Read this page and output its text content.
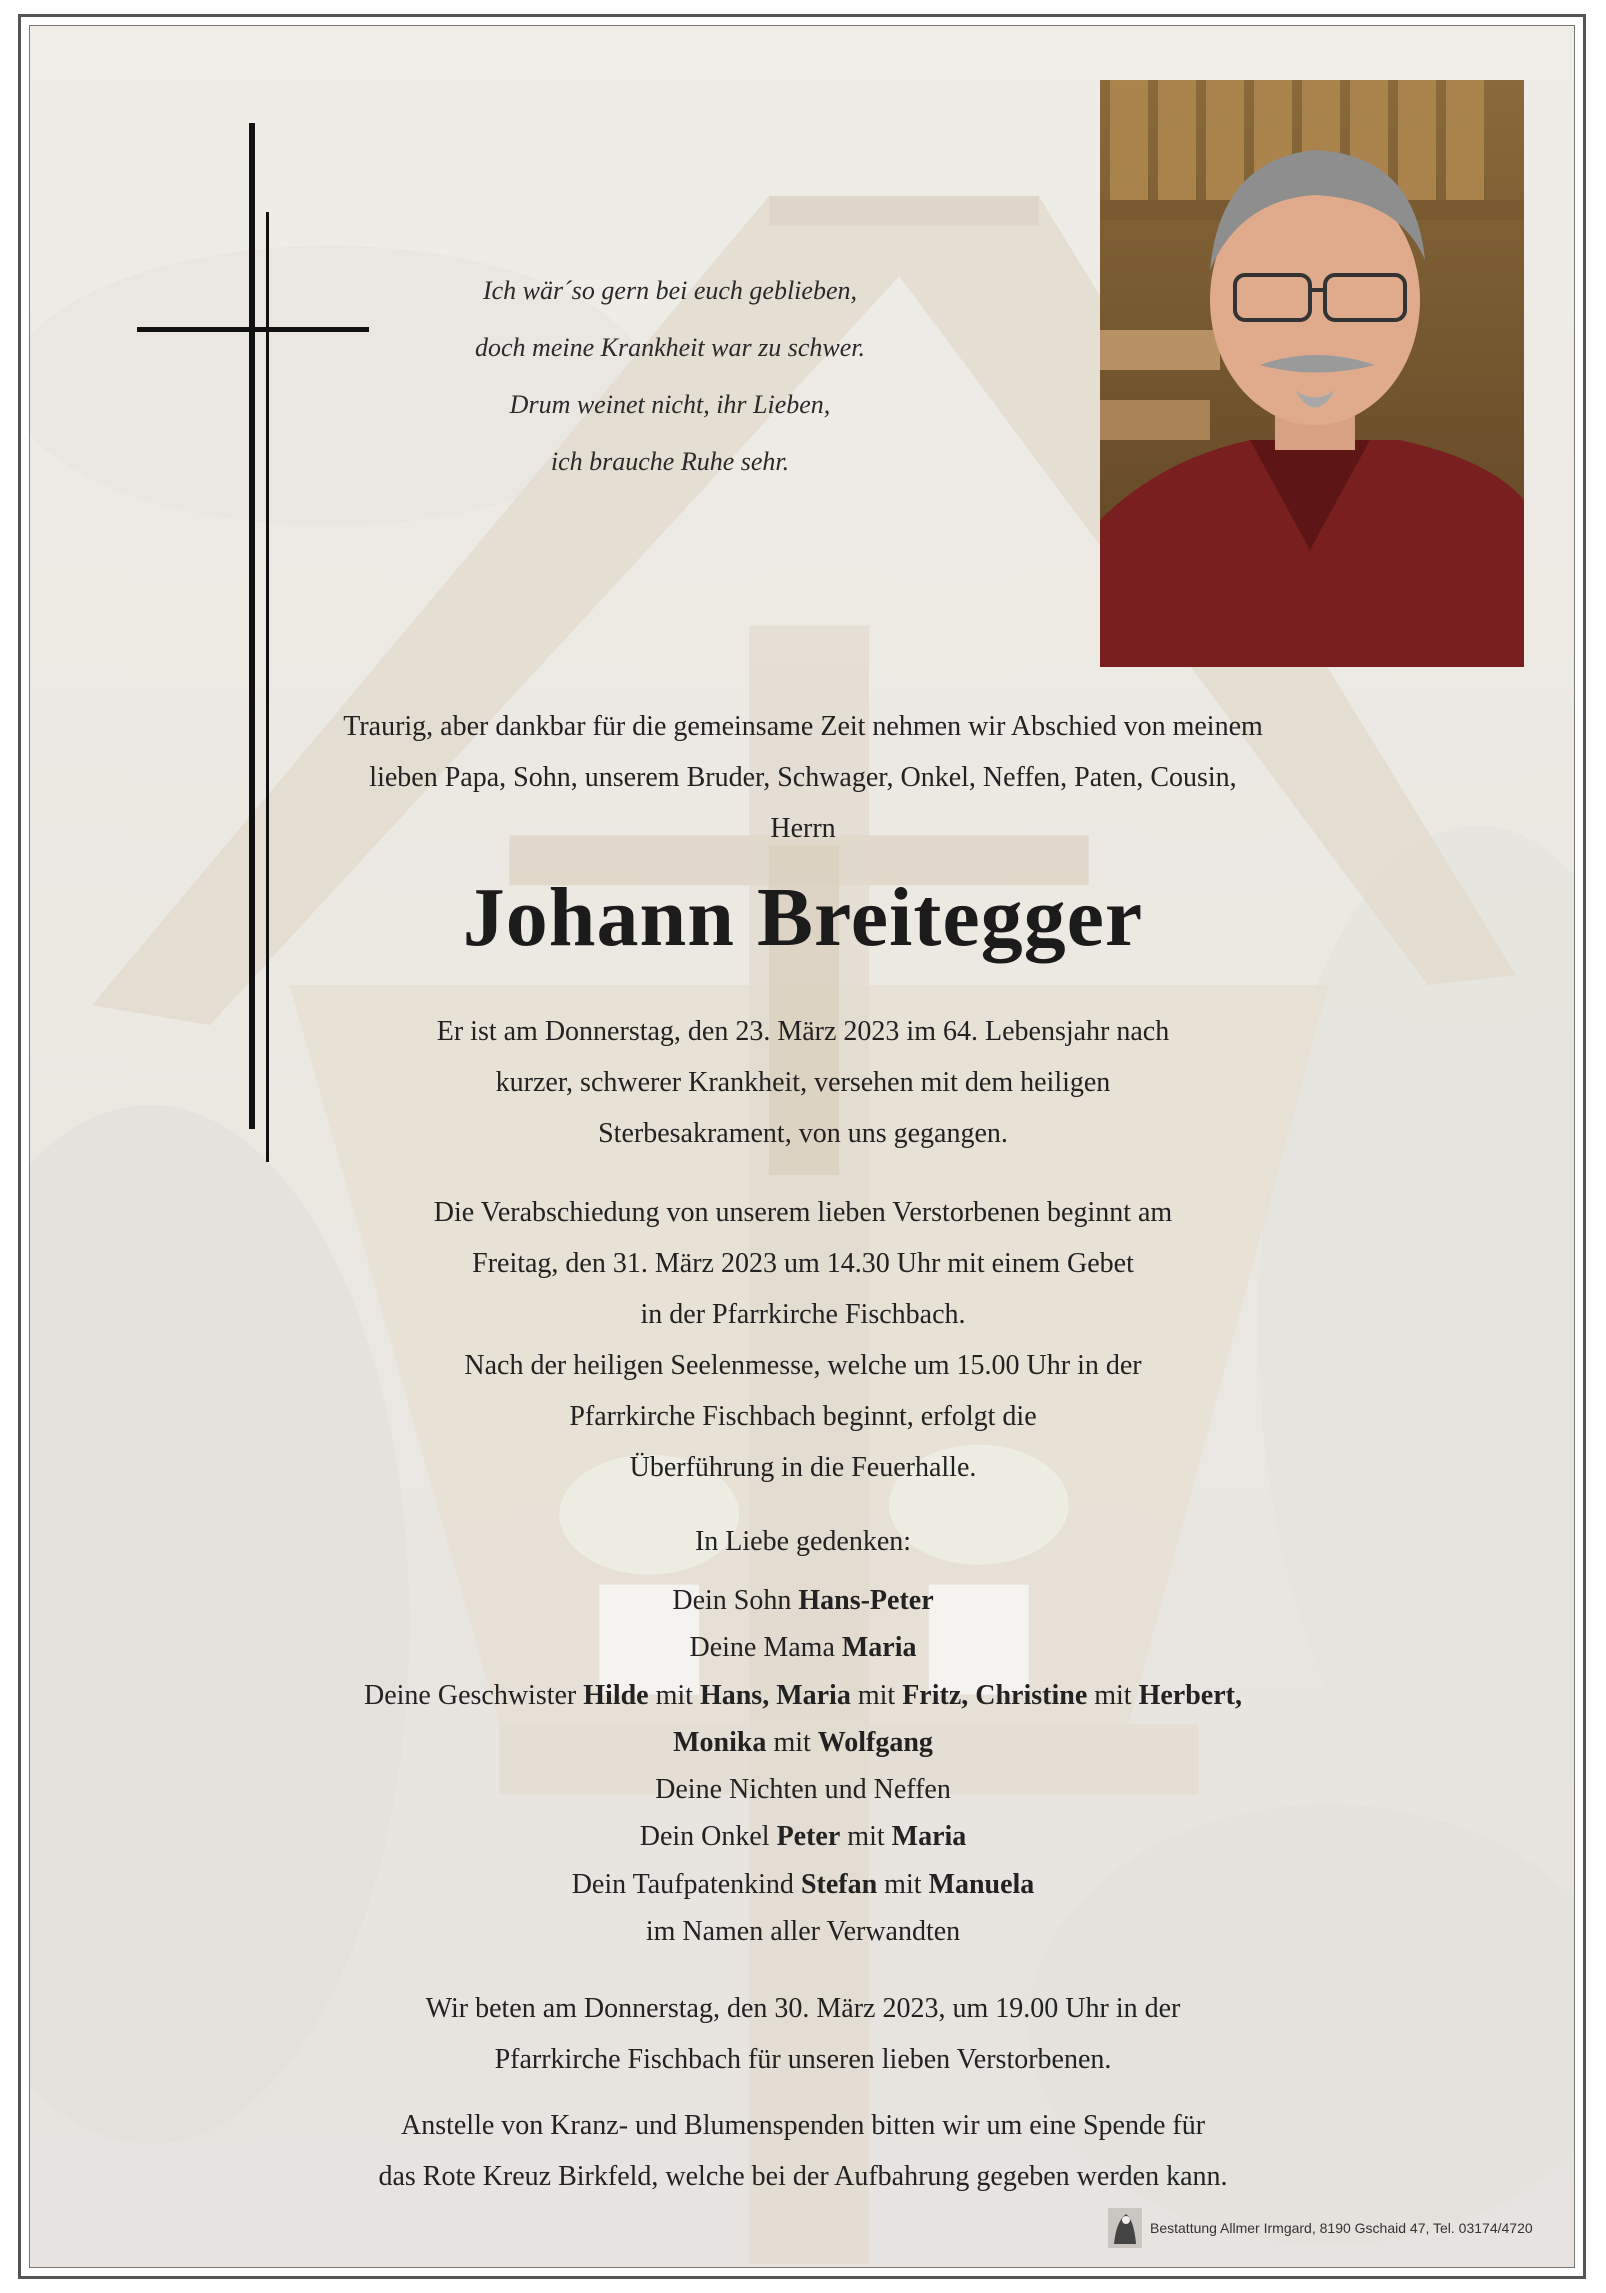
Ich wär´so gern bei euch geblieben,
doch meine Krankheit war zu schwer.
Drum weinet nicht, ihr Lieben,
ich brauche Ruhe sehr.
Traurig, aber dankbar für die gemeinsame Zeit nehmen wir Abschied von meinem
lieben Papa, Sohn, unserem Bruder, Schwager, Onkel, Neffen, Paten, Cousin,
Herrn
Johann Breitegger
Er ist am Donnerstag, den 23. März 2023 im 64. Lebensjahr nach
kurzer, schwerer Krankheit, versehen mit dem heiligen
Sterbesakrament, von uns gegangen.
Die Verabschiedung von unserem lieben Verstorbenen beginnt am
Freitag, den 31. März 2023 um 14.30 Uhr mit einem Gebet
in der Pfarrkirche Fischbach.
Nach der heiligen Seelenmesse, welche um 15.00 Uhr in der
Pfarrkirche Fischbach beginnt, erfolgt die
Überführung in die Feuerhalle.
In Liebe gedenken:
Dein Sohn Hans-Peter
Deine Mama Maria
Deine Geschwister Hilde mit Hans, Maria mit Fritz, Christine mit Herbert,
Monika mit Wolfgang
Deine Nichten und Neffen
Dein Onkel Peter mit Maria
Dein Taufpatenkind Stefan mit Manuela
im Namen aller Verwandten
Wir beten am Donnerstag, den 30. März 2023, um 19.00 Uhr in der
Pfarrkirche Fischbach für unseren lieben Verstorbenen.
Anstelle von Kranz- und Blumenspenden bitten wir um eine Spende für
das Rote Kreuz Birkfeld, welche bei der Aufbahrung gegeben werden kann.
Bestattung Allmer Irmgard, 8190 Gschaid 47, Tel. 03174/4720
